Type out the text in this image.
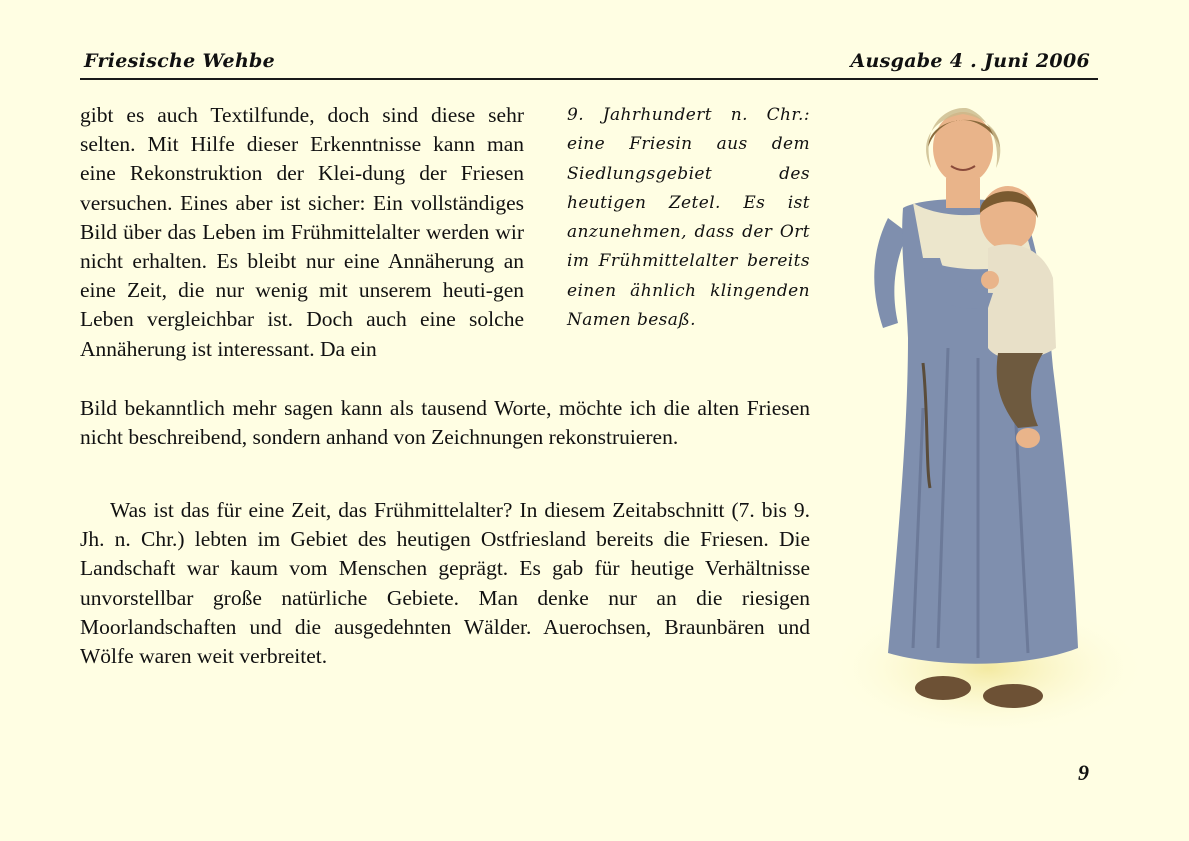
Friesische Wehbe	Ausgabe 4 . Juni 2006

gibt es auch Textilfunde, doch sind diese sehr selten. Mit Hilfe dieser Erkenntnisse kann man eine Rekonstruktion der Klei-dung der Friesen versuchen. Eines aber ist sicher: Ein vollständiges Bild über das Leben im Frühmittelalter werden wir nicht erhalten. Es bleibt nur eine Annäherung an eine Zeit, die nur wenig mit unserem heuti-gen Leben vergleichbar ist. Doch auch eine solche Annäherung ist interessant. Da ein

Bild bekanntlich mehr sagen kann als tausend Worte, möchte ich die alten Friesen nicht beschreibend, sondern anhand von Zeichnungen rekonstruieren.

Was ist das für eine Zeit, das Frühmittelalter? In diesem Zeitabschnitt (7. bis 9. Jh. n. Chr.) lebten im Gebiet des heutigen Ostfriesland bereits die Friesen. Die Landschaft war kaum vom Menschen geprägt. Es gab für heutige Verhältnisse unvorstellbar große natürliche Gebiete. Man denke nur an die riesigen Moorlandschaften und die ausgedehnten Wälder. Auerochsen, Braunbären und Wölfe waren weit verbreitet.

9. Jahrhundert n. Chr.: eine Friesin aus dem Siedlungsgebiet des heutigen Zetel. Es ist anzunehmen, dass der Ort im Frühmittelalter bereits einen ähnlich klingenden Namen besaß.

9
